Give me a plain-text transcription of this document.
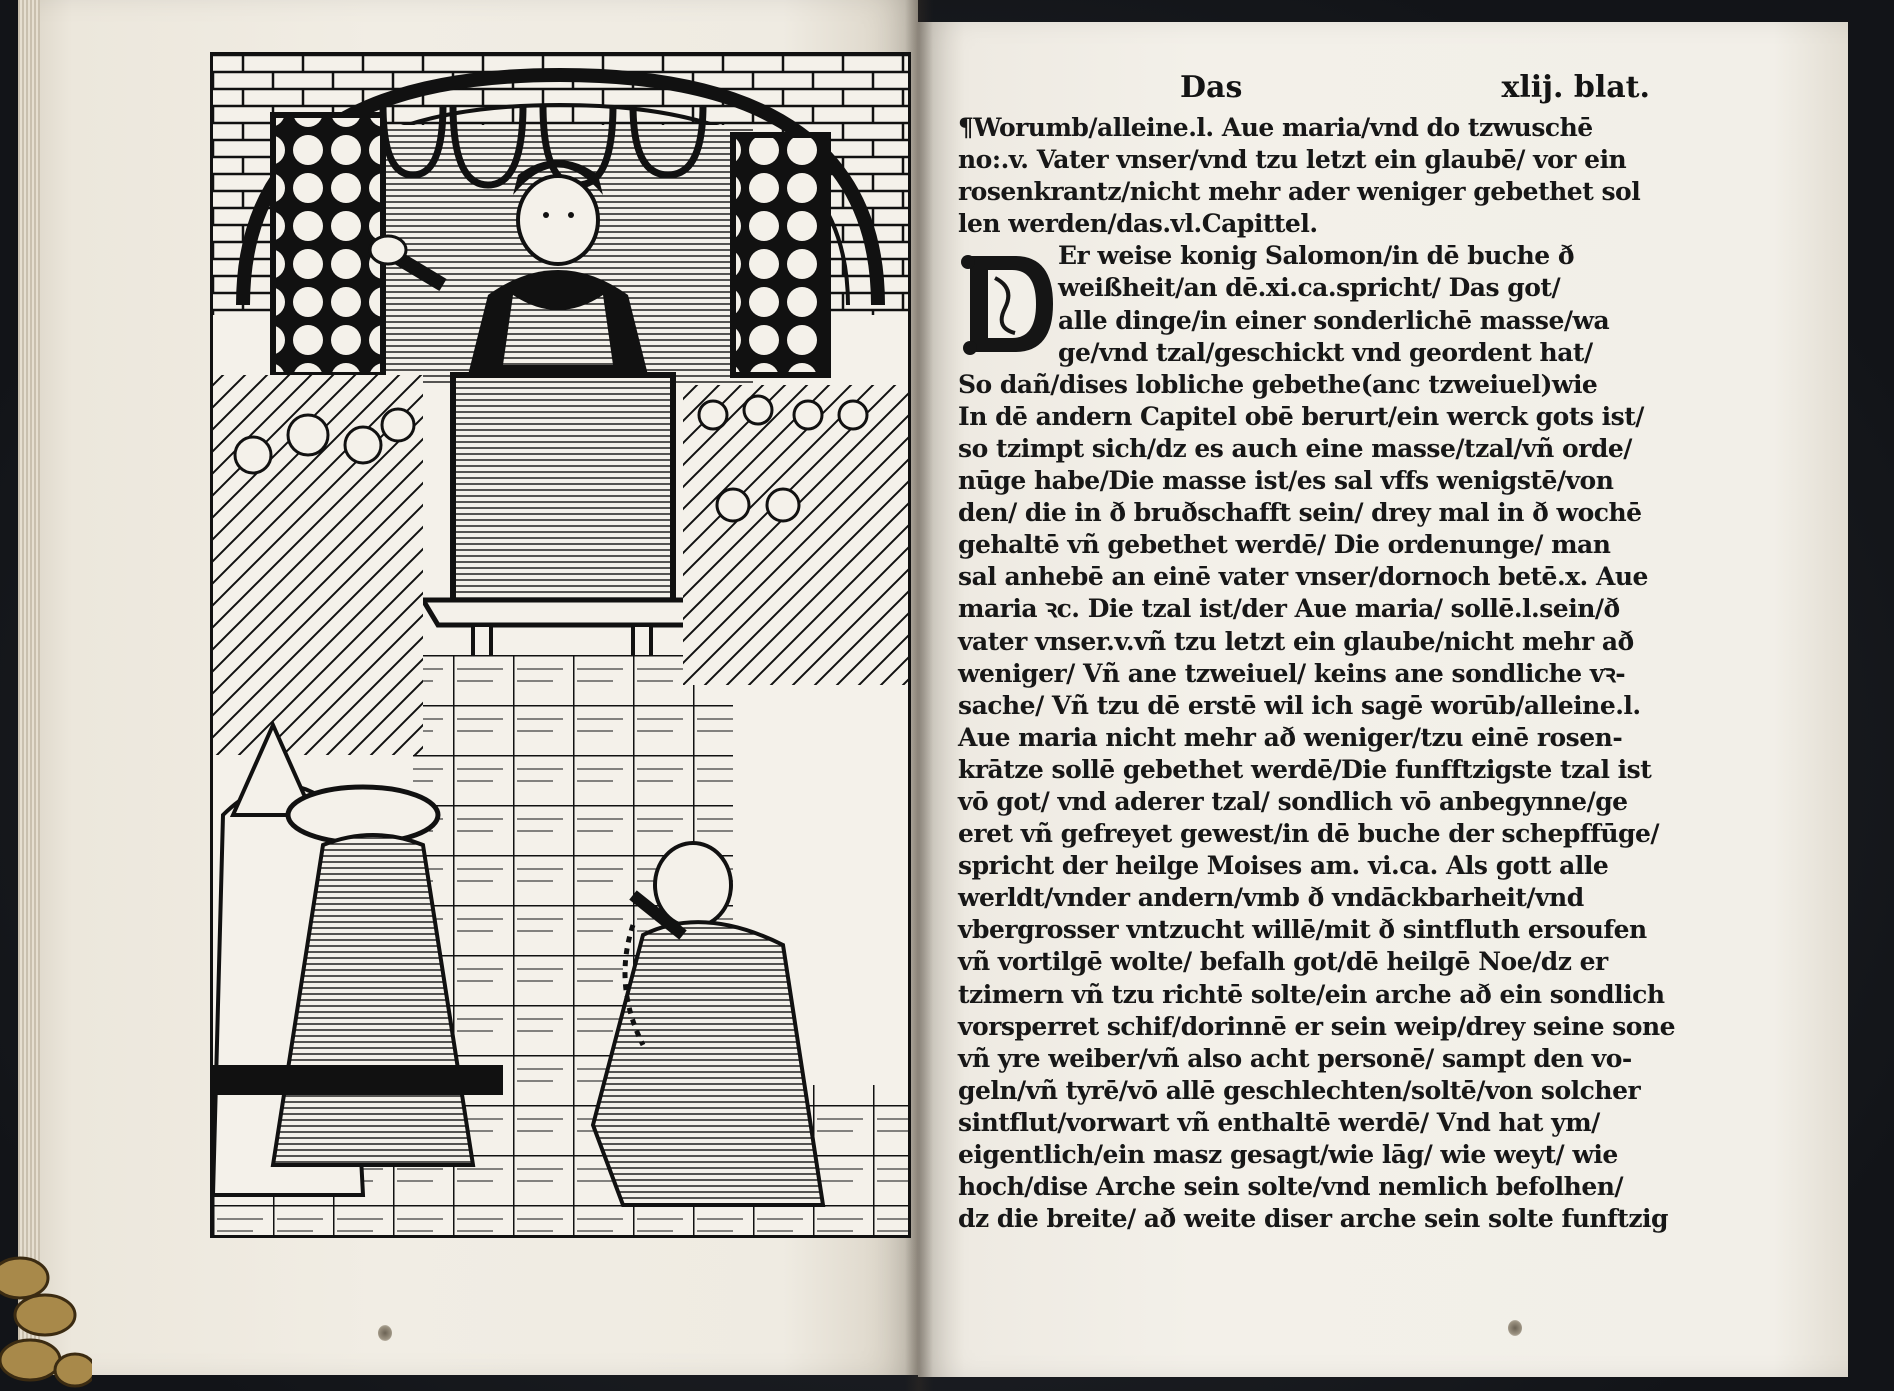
Das	xlij. blat.
¶Worumb/alleine.l. Aue maria/vnd do tzwuschē
no:.v. Vater vnser/vnd tzu letzt ein glaubē/ vor ein
rosenkrantz/nicht mehr ader weniger gebethet sol
len werden/das.vl.Capittel.
Er weise konig Salomon/in dē buche ð
weißheit/an dē.xi.ca.spricht/ Das got/
alle dinge/in einer sonderlichē masse/wa
ge/vnd tzal/geschickt vnd geordent hat/
So dañ/dises lobliche gebethe(anc tzweiuel)wie
In dē andern Capitel obē berurt/ein werck gots ist/
so tzimpt sich/dz es auch eine masse/tzal/vñ orde/
nūge habe/Die masse ist/es sal vffs wenigstē/von
den/ die in ð bruðschafft sein/ drey mal in ð wochē
gehaltē vñ gebethet werdē/ Die ordenunge/ man
sal anhebē an einē vater vnser/dornoch betē.x. Aue
maria ꝛc. Die tzal ist/der Aue maria/ sollē.l.sein/ð
vater vnser.v.vñ tzu letzt ein glaube/nicht mehr að
weniger/ Vñ ane tzweiuel/ keins ane sondliche vꝛ-
sache/ Vñ tzu dē erstē wil ich sagē worūb/alleine.l.
Aue maria nicht mehr að weniger/tzu einē rosen-
krātze sollē gebethet werdē/Die funfftzigste tzal ist
vō got/ vnd aderer tzal/ sondlich vō anbegynne/ge
eret vñ gefreyet gewest/in dē buche der schepffūge/
spricht der heilge Moises am. vi.ca. Als gott alle
werldt/vnder andern/vmb ð vndāckbarheit/vnd
vbergrosser vntzucht willē/mit ð sintfluth ersoufen
vñ vortilgē wolte/ befalh got/dē heilgē Noe/dz er
tzimern vñ tzu richtē solte/ein arche að ein sondlich
vorsperret schif/dorinnē er sein weip/drey seine sone
vñ yre weiber/vñ also acht personē/ sampt den vo-
geln/vñ tyrē/vō allē geschlechten/soltē/von solcher
sintflut/vorwart vñ enthaltē werdē/ Vnd hat ym/
eigentlich/ein masz gesagt/wie lāg/ wie weyt/ wie
hoch/dise Arche sein solte/vnd nemlich befolhen/
dz die breite/ að weite diser arche sein solte funftzig
